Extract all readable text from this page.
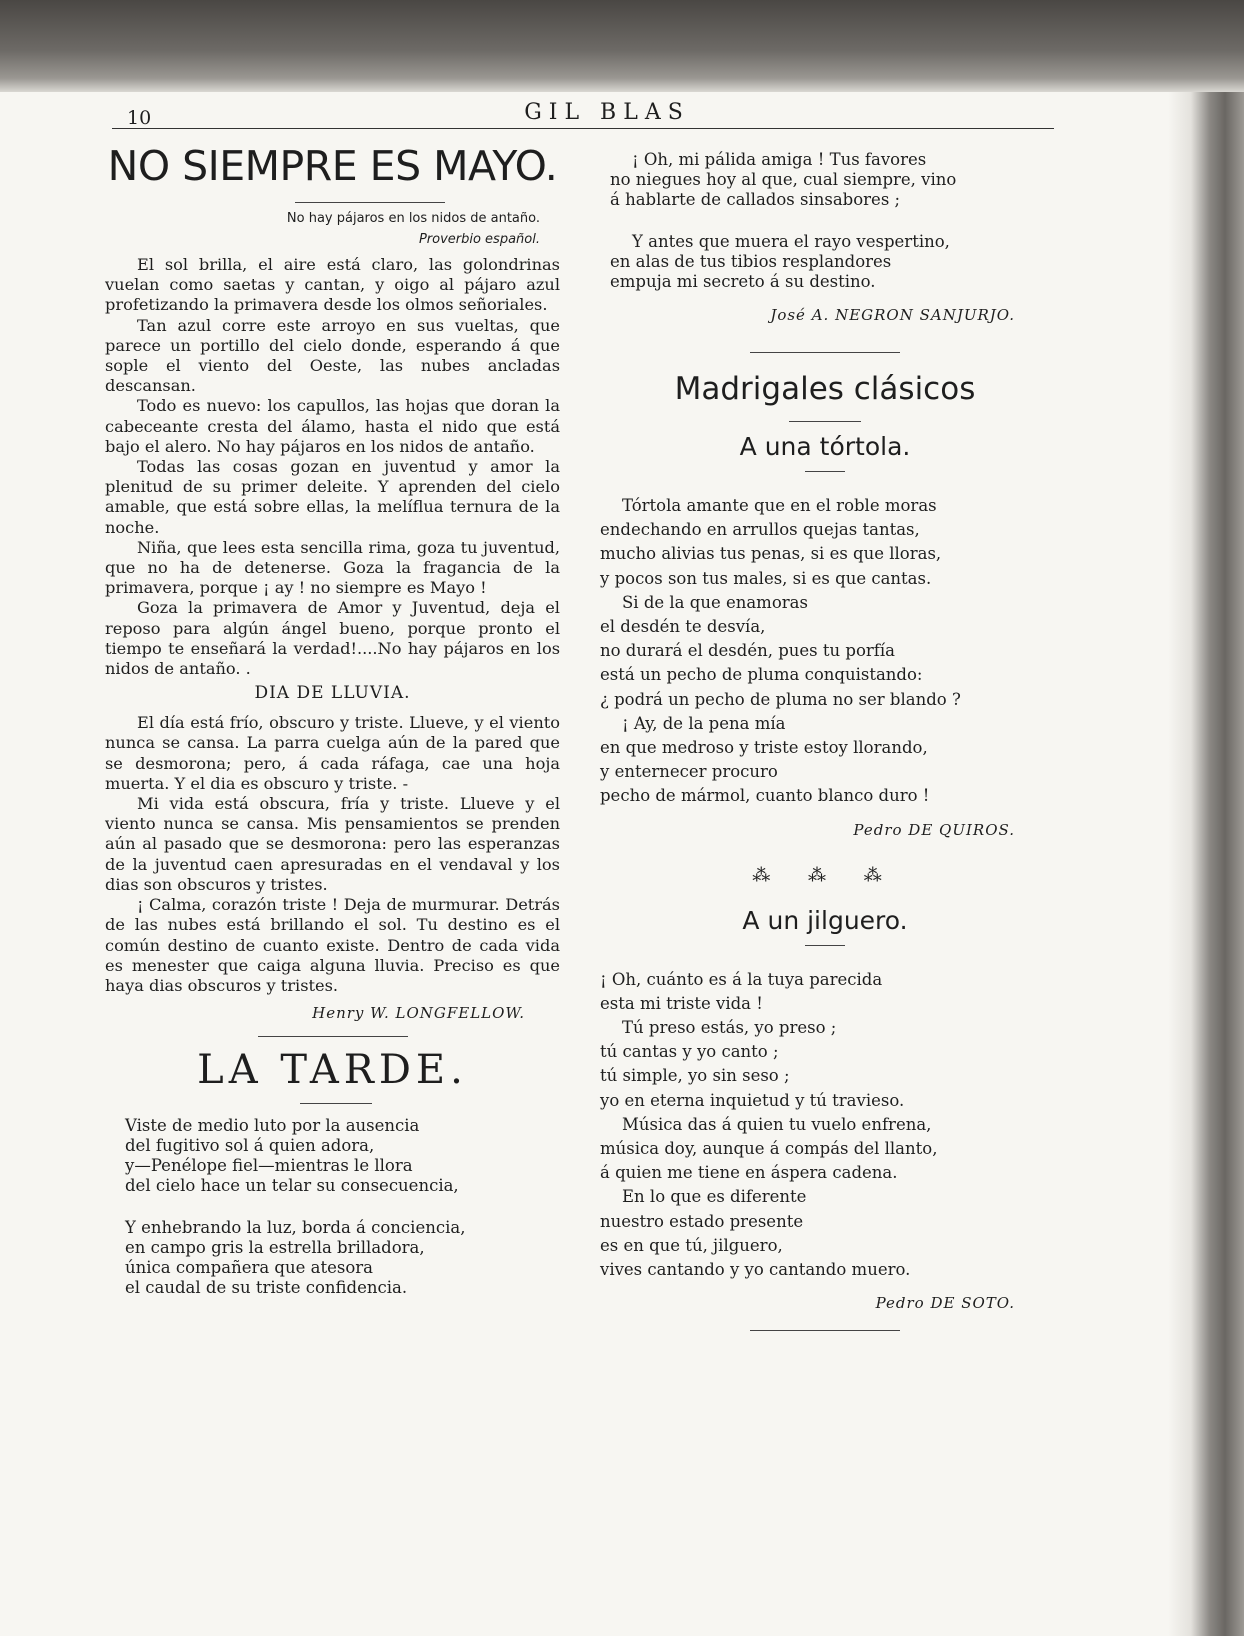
10	GIL BLAS
NO SIEMPRE ES MAYO.
No hay pájaros en los nidos de antaño.
Proverbio español.

El sol brilla, el aire está claro, las golondrinas vuelan como saetas y cantan, y oigo al pájaro azul profetizando la primavera desde los olmos señoriales.

Tan azul corre este arroyo en sus vueltas, que parece un portillo del cielo donde, esperando á que sople el viento del Oeste, las nubes ancladas descansan.

Todo es nuevo: los capullos, las hojas que doran la cabeceante cresta del álamo, hasta el nido que está bajo el alero. No hay pájaros en los nidos de antaño.

Todas las cosas gozan en juventud y amor la plenitud de su primer deleite. Y aprenden del cielo amable, que está sobre ellas, la melíflua ternura de la noche.

Niña, que lees esta sencilla rima, goza tu juventud, que no ha de detenerse. Goza la fragancia de la primavera, porque ¡ ay ! no siempre es Mayo !

Goza la primavera de Amor y Juventud, deja el reposo para algún ángel bueno, porque pronto el tiempo te enseñará la verdad!....No hay pájaros en los nidos de antaño. .

DIA DE LLUVIA.

El día está frío, obscuro y triste. Llueve, y el viento nunca se cansa. La parra cuelga aún de la pared que se desmorona; pero, á cada ráfaga, cae una hoja muerta. Y el dia es obscuro y triste. -

Mi vida está obscura, fría y triste. Llueve y el viento nunca se cansa. Mis pensamientos se prenden aún al pasado que se desmorona: pero las esperanzas de la juventud caen apresuradas en el vendaval y los dias son obscuros y tristes.

¡ Calma, corazón triste ! Deja de murmurar. Detrás de las nubes está brillando el sol. Tu destino es el común destino de cuanto existe. Dentro de cada vida es menester que caiga alguna lluvia. Preciso es que haya dias obscuros y tristes.

Henry W. LONGFELLOW.
LA TARDE.
Viste de medio luto por la ausencia
del fugitivo sol á quien adora,
y—Penélope fiel—mientras le llora
del cielo hace un telar su consecuencia,
Y enhebrando la luz, borda á conciencia,
en campo gris la estrella brilladora,
única compañera que atesora
el caudal de su triste confidencia.
¡ Oh, mi pálida amiga ! Tus favores
no niegues hoy al que, cual siempre, vino
á hablarte de callados sinsabores ;
Y antes que muera el rayo vespertino,
en alas de tus tibios resplandores
empuja mi secreto á su destino.
José A. NEGRON SANJURJO.
Madrigales clásicos
A una tórtola.
Tórtola amante que en el roble moras
endechando en arrullos quejas tantas,
mucho alivias tus penas, si es que lloras,
y pocos son tus males, si es que cantas.
Si de la que enamoras
el desdén te desvía,
no durará el desdén, pues tu porfía
está un pecho de pluma conquistando:
¿ podrá un pecho de pluma no ser blando ?
¡ Ay, de la pena mía
en que medroso y triste estoy llorando,
y enternecer procuro
pecho de mármol, cuanto blanco duro !
Pedro DE QUIROS.
⁂ ⁂ ⁂
A un jilguero.
¡ Oh, cuánto es á la tuya parecida
esta mi triste vida !
Tú preso estás, yo preso ;
tú cantas y yo canto ;
tú simple, yo sin seso ;
yo en eterna inquietud y tú travieso.
Música das á quien tu vuelo enfrena,
música doy, aunque á compás del llanto,
á quien me tiene en áspera cadena.
En lo que es diferente
nuestro estado presente
es en que tú, jilguero,
vives cantando y yo cantando muero.
Pedro DE SOTO.
